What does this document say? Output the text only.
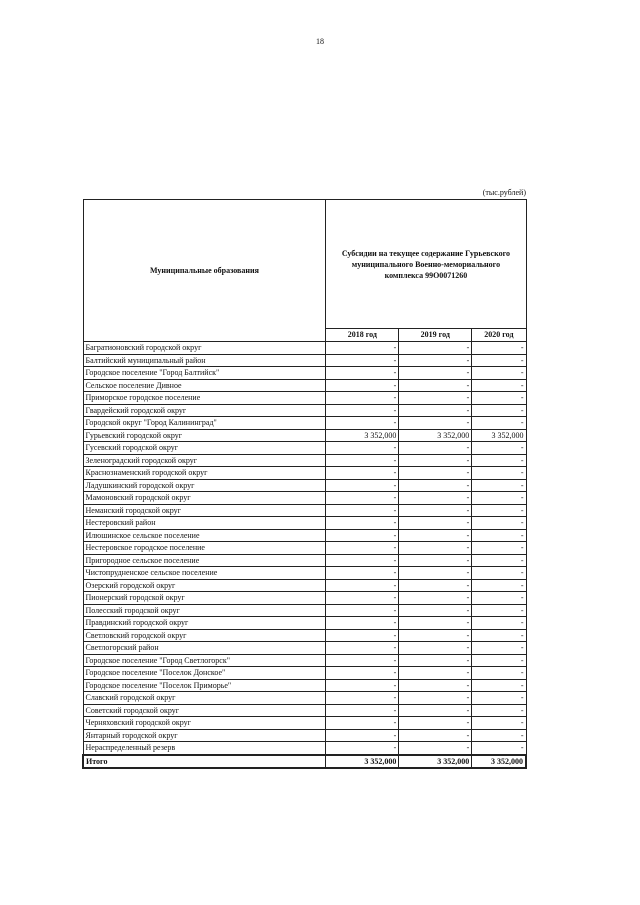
18
(тыс.рублей)
Муниципальные образования	Субсидии на текущее содержание Гурьевского муниципального Военно-мемориального комплекса 99О0071260		
	2018 год	2019 год	2020 год
Багратионовский городской округ	-	-	-
Балтийский муниципальный район	-	-	-
Городское поселение "Город Балтийск"	-	-	-
Сельское поселение Дивное	-	-	-
Приморское городское поселение	-	-	-
Гвардейский городской округ	-	-	-
Городской округ "Город Калининград"	-	-	-
Гурьевский городской округ	3 352,000	3 352,000	3 352,000
Гусевский городской округ	-	-	-
Зеленоградский городской округ	-	-	-
Краснознаменский городской округ	-	-	-
Ладушкинский городской округ	-	-	-
Мамоновский городской округ	-	-	-
Неманский городской округ	-	-	-
Нестеровский район	-	-	-
Илюшинское сельское поселение	-	-	-
Нестеровское городское поселение	-	-	-
Пригородное сельское поселение	-	-	-
Чистопрудненское сельское поселение	-	-	-
Озерский городской округ	-	-	-
Пионерский городской округ	-	-	-
Полесский городской округ	-	-	-
Правдинский городской округ	-	-	-
Светловский городской округ	-	-	-
Светлогорский район	-	-	-
Городское поселение "Город Светлогорск"	-	-	-
Городское поселение "Поселок Донское"	-	-	-
Городское поселение "Поселок Приморье"	-	-	-
Славский городской округ	-	-	-
Советский городской округ	-	-	-
Черняховский городской округ	-	-	-
Янтарный городской округ	-	-	-
Нераспределенный резерв	-	-	-
Итого	3 352,000	3 352,000	3 352,000
